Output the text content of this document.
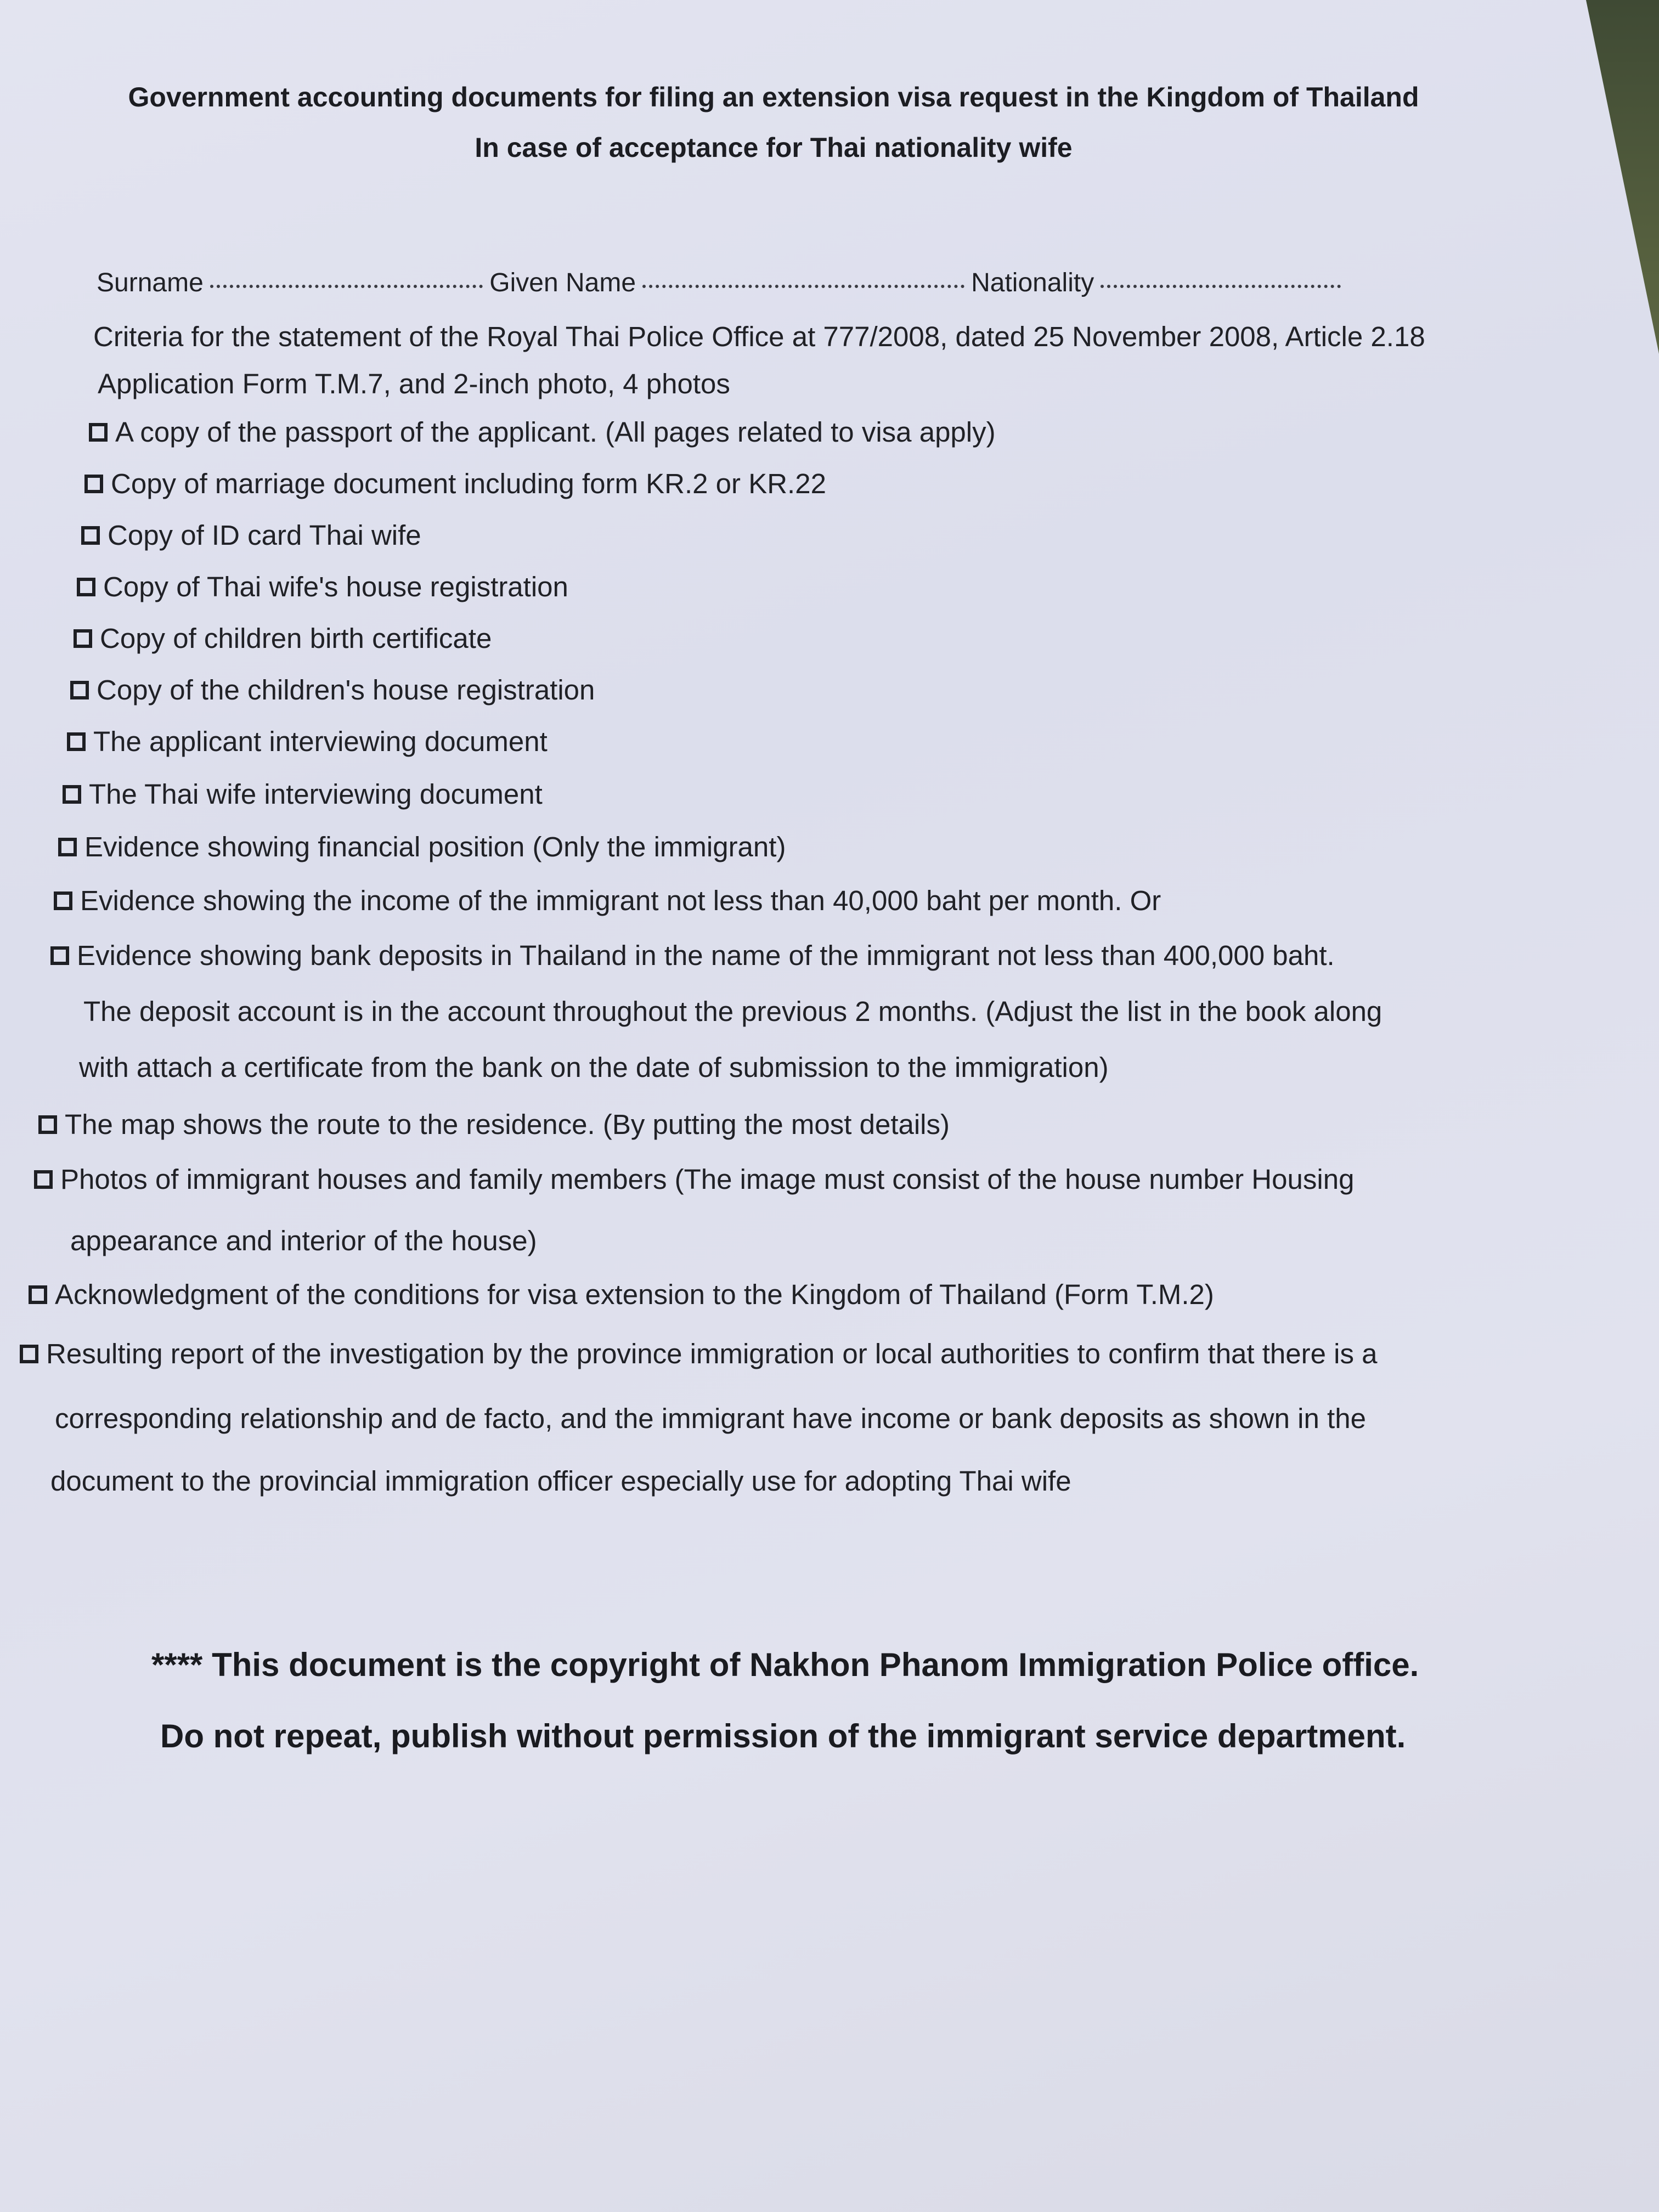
Government accounting documents for filing an extension visa request in the Kingdom of Thailand
In case of acceptance for Thai nationality wife
Surname	Given Name	Nationality
Criteria for the statement of the Royal Thai Police Office at 777/2008, dated 25 November 2008, Article 2.18
Application Form T.M.7, and 2-inch photo, 4 photos
A copy of the passport of the applicant. (All pages related to visa apply)
Copy of marriage document including form KR.2 or KR.22
Copy of ID card Thai wife
Copy of Thai wife's house registration
Copy of children birth certificate
Copy of the children's house registration
The applicant interviewing document
The Thai wife interviewing document
Evidence showing financial position (Only the immigrant)
Evidence showing the income of the immigrant not less than 40,000 baht per month. Or
Evidence showing bank deposits in Thailand in the name of the immigrant not less than 400,000 baht.
The deposit account is in the account throughout the previous 2 months. (Adjust the list in the book along
with attach a certificate from the bank on the date of submission to the immigration)
The map shows the route to the residence. (By putting the most details)
Photos of immigrant houses and family members (The image must consist of the house number Housing
appearance and interior of the house)
Acknowledgment of the conditions for visa extension to the Kingdom of Thailand (Form T.M.2)
Resulting report of the investigation by the province immigration or local authorities to confirm that there is a
corresponding relationship and de facto, and the immigrant have income or bank deposits as shown in the
document to the provincial immigration officer especially use for adopting Thai wife
**** This document is the copyright of Nakhon Phanom Immigration Police office.
Do not repeat, publish without permission of the immigrant service department.
